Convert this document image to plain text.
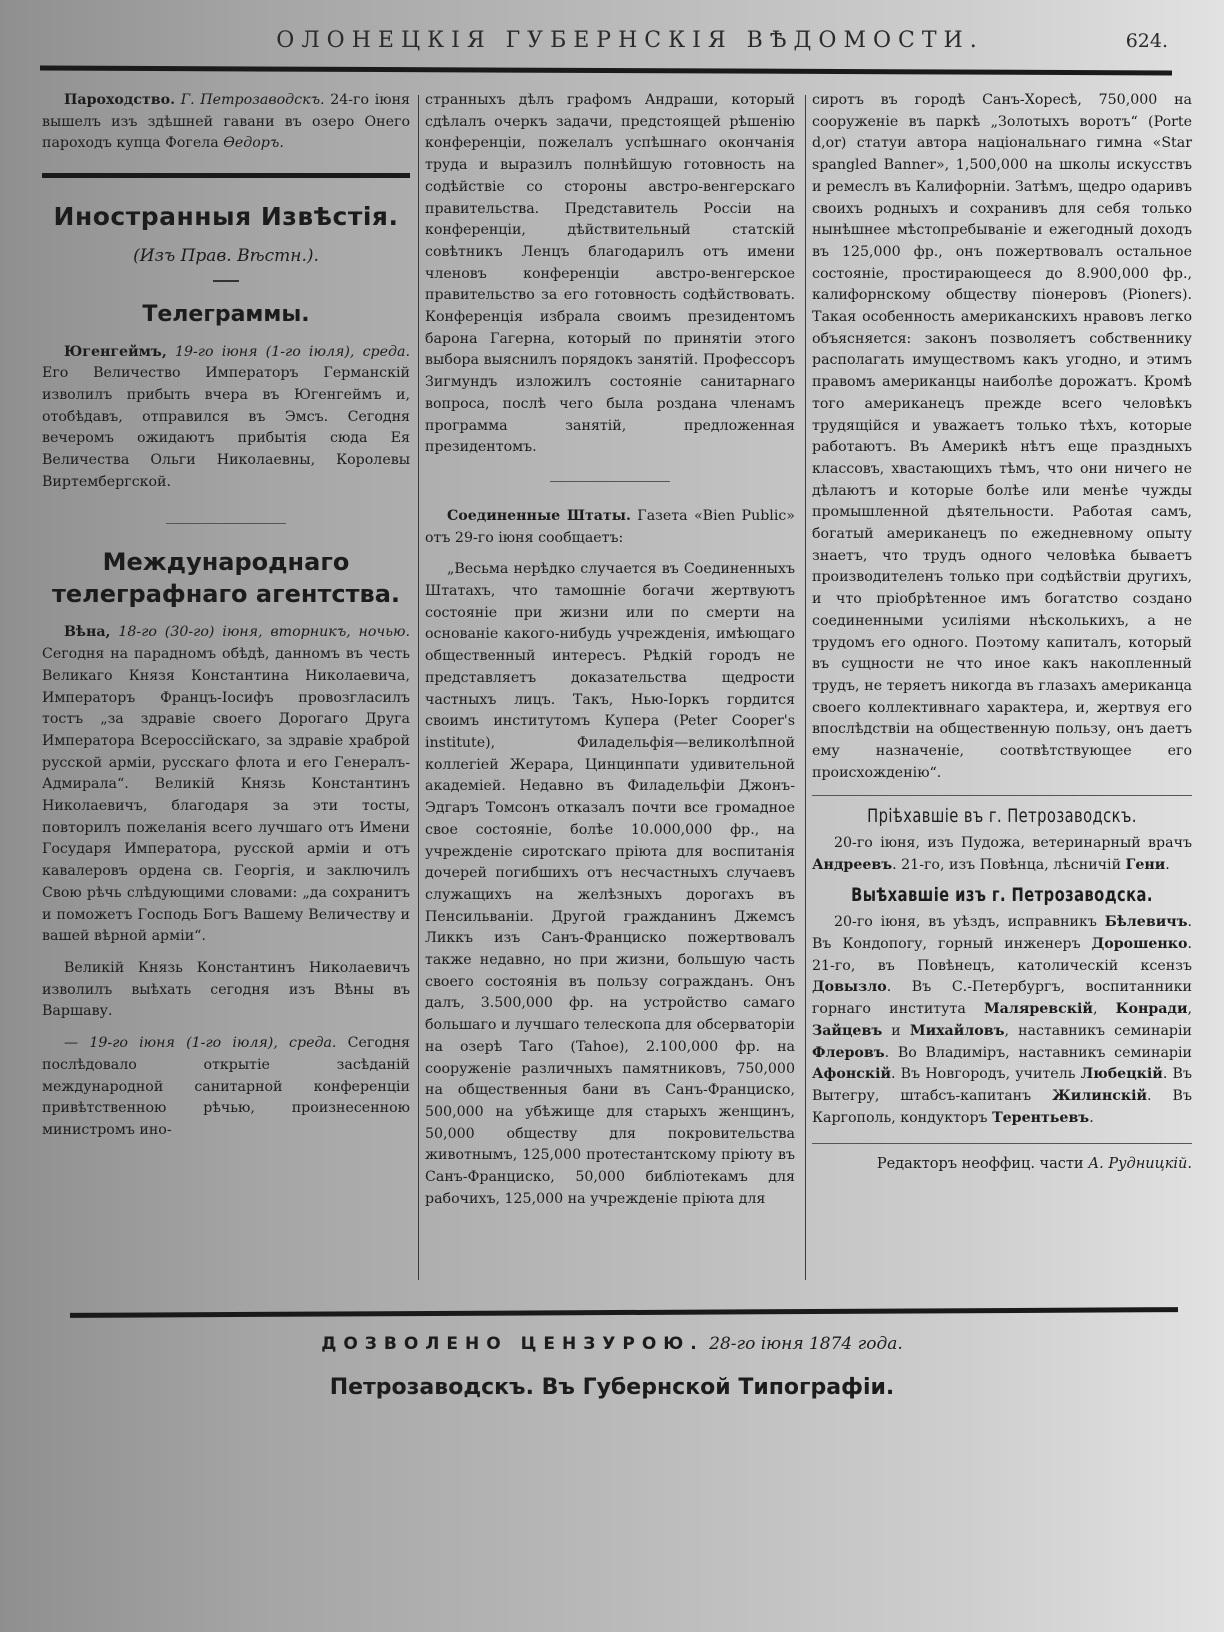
ОЛОНЕЦКІЯ ГУБЕРНСКІЯ ВѢДОМОСТИ.	624.

Пароходство. Г. Петрозаводскъ. 24-го іюня вышелъ изъ здѣшней гавани въ озеро Онего пароходъ купца Фогела Ѳедоръ.

Иностранныя Извѣстія.
(Изъ Прав. Вѣстн.).
Телеграммы.

Югенгеймъ, 19-го іюня (1-го іюля), среда. Его Величество Императоръ Германскій изволилъ прибыть вчера въ Югенгеймъ и, отобѣдавъ, отправился въ Эмсъ. Сегодня вечеромъ ожидаютъ прибытія сюда Ея Величества Ольги Николаевны, Королевы Виртембергской.

Международнаго телеграфнаго агентства.

Вѣна, 18-го (30-го) іюня, вторникъ, ночью. Сегодня на парадномъ обѣдѣ, данномъ въ честь Великаго Князя Константина Николаевича, Императоръ Францъ-Іосифъ провозгласилъ тостъ „за здравіе своего Дорогаго Друга Императора Всероссійскаго, за здравіе храброй русской арміи, русскаго флота и его Генералъ-Адмирала“. Великій Князь Константинъ Николаевичъ, благодаря за эти тосты, повторилъ пожеланія всего лучшаго отъ Имени Государя Императора, русской арміи и отъ кавалеровъ ордена св. Георгія, и заключилъ Свою рѣчь слѣдующими словами: „да сохранитъ и поможетъ Господь Богъ Вашему Величеству и вашей вѣрной арміи“.

Великій Князь Константинъ Николаевичъ изволилъ выѣхать сегодня изъ Вѣны въ Варшаву.

— 19-го іюня (1-го іюля), среда. Сегодня послѣдовало открытіе засѣданій международной санитарной конференціи привѣтственною рѣчью, произнесенною министромъ ино-

странныхъ дѣлъ графомъ Андраши, который сдѣлалъ очеркъ задачи, предстоящей рѣшенію конференціи, пожелалъ успѣшнаго окончанія труда и выразилъ полнѣйшую готовность на содѣйствіе со стороны австро-венгерскаго правительства. Представитель Россіи на конференціи, дѣйствительный статскій совѣтникъ Ленцъ благодарилъ отъ имени членовъ конференціи австро-венгерское правительство за его готовность содѣйствовать. Конференція избрала своимъ президентомъ барона Гагерна, который по принятіи этого выбора выяснилъ порядокъ занятій. Профессоръ Зигмундъ изложилъ состояніе санитарнаго вопроса, послѣ чего была роздана членамъ программа занятій, предложенная президентомъ.

Соединенные Штаты. Газета «Bien Public» отъ 29-го іюня сообщаетъ:

„Весьма нерѣдко случается въ Соединенныхъ Штатахъ, что тамошніе богачи жертвуютъ состояніе при жизни или по смерти на основаніе какого-нибудь учрежденія, имѣющаго общественный интересъ. Рѣдкій городъ не представляетъ доказательства щедрости частныхъ лицъ. Такъ, Нью-Іоркъ гордится своимъ институтомъ Купера (Peter Cooper's institute), Филадельфія—великолѣпной коллегіей Жерара, Цинцинпати удивительной академіей. Недавно въ Филадельфіи Джонъ-Эдгаръ Томсонъ отказалъ почти все громадное свое состояніе, болѣе 10.000,000 фр., на учрежденіе сиротскаго пріюта для воспитанія дочерей погибшихъ отъ несчастныхъ случаевъ служащихъ на желѣзныхъ дорогахъ въ Пенсильваніи. Другой гражданинъ Джемсъ Ликкъ изъ Санъ-Франциско пожертвовалъ также недавно, но при жизни, большую часть своего состоянія въ пользу согражданъ. Онъ далъ, 3.500,000 фр. на устройство самаго большаго и лучшаго телескопа для обсерваторіи на озерѣ Таго (Tahoe), 2.100,000 фр. на сооруженіе различныхъ памятниковъ, 750,000 на общественныя бани въ Санъ-Франциско, 500,000 на убѣжище для старыхъ женщинъ, 50,000 обществу для покровительства животнымъ, 125,000 протестантскому пріюту въ Санъ-Франциско, 50,000 библіотекамъ для рабочихъ, 125,000 на учрежденіе пріюта для

сиротъ въ городѣ Санъ-Хоресѣ, 750,000 на сооруженіе въ паркѣ „Золотыхъ воротъ“ (Porte d,or) статуи автора національнаго гимна «Star spangled Banner», 1,500,000 на школы искусствъ и ремеслъ въ Калифорніи. Затѣмъ, щедро одаривъ своихъ родныхъ и сохранивъ для себя только нынѣшнее мѣстопребываніе и ежегодный доходъ въ 125,000 фр., онъ пожертвовалъ остальное состояніе, простирающееся до 8.900,000 фр., калифорнскому обществу піонеровъ (Pioners). Такая особенность американскихъ нравовъ легко объясняется: законъ позволяетъ собственнику располагать имуществомъ какъ угодно, и этимъ правомъ американцы наиболѣе дорожатъ. Кромѣ того американецъ прежде всего человѣкъ трудящійся и уважаетъ только тѣхъ, которые работаютъ. Въ Америкѣ нѣтъ еще праздныхъ классовъ, хвастающихъ тѣмъ, что они ничего не дѣлаютъ и которые болѣе или менѣе чужды промышленной дѣятельности. Работая самъ, богатый американецъ по ежедневному опыту знаетъ, что трудъ одного человѣка бываетъ производителенъ только при содѣйствіи другихъ, и что пріобрѣтенное имъ богатство создано соединенными усиліями нѣсколькихъ, а не трудомъ его одного. Поэтому капиталъ, который въ сущности не что иное какъ накопленный трудъ, не теряетъ никогда въ глазахъ американца своего коллективнаго характера, и, жертвуя его впослѣдствіи на общественную пользу, онъ даетъ ему назначеніе, соотвѣтствующее его происхожденію“.

Пріѣхавшіе въ г. Петрозаводскъ.

20-го іюня, изъ Пудожа, ветеринарный врачъ Андреевъ. 21-го, изъ Повѣнца, лѣсничій Гени.

Выѣхавшіе изъ г. Петрозаводска.

20-го іюня, въ уѣздъ, исправникъ Бѣлевичъ. Въ Кондопогу, горный инженеръ Дорошенко. 21-го, въ Повѣнецъ, католическій ксензъ Довызло. Въ С.-Петербургъ, воспитанники горнаго института Маляревскій, Конради, Зайцевъ и Михайловъ, наставникъ семинаріи Флеровъ. Во Владиміръ, наставникъ семинаріи Афонскій. Въ Новгородъ, учитель Любецкій. Въ Вытегру, штабсъ-капитанъ Жилинскій. Въ Каргополь, кондукторъ Терентьевъ.

Редакторъ неоффиц. части А. Рудницкій.
ДОЗВОЛЕНО ЦЕНЗУРОЮ. 28-го іюня 1874 года.
Петрозаводскъ. Въ Губернской Типографіи.
